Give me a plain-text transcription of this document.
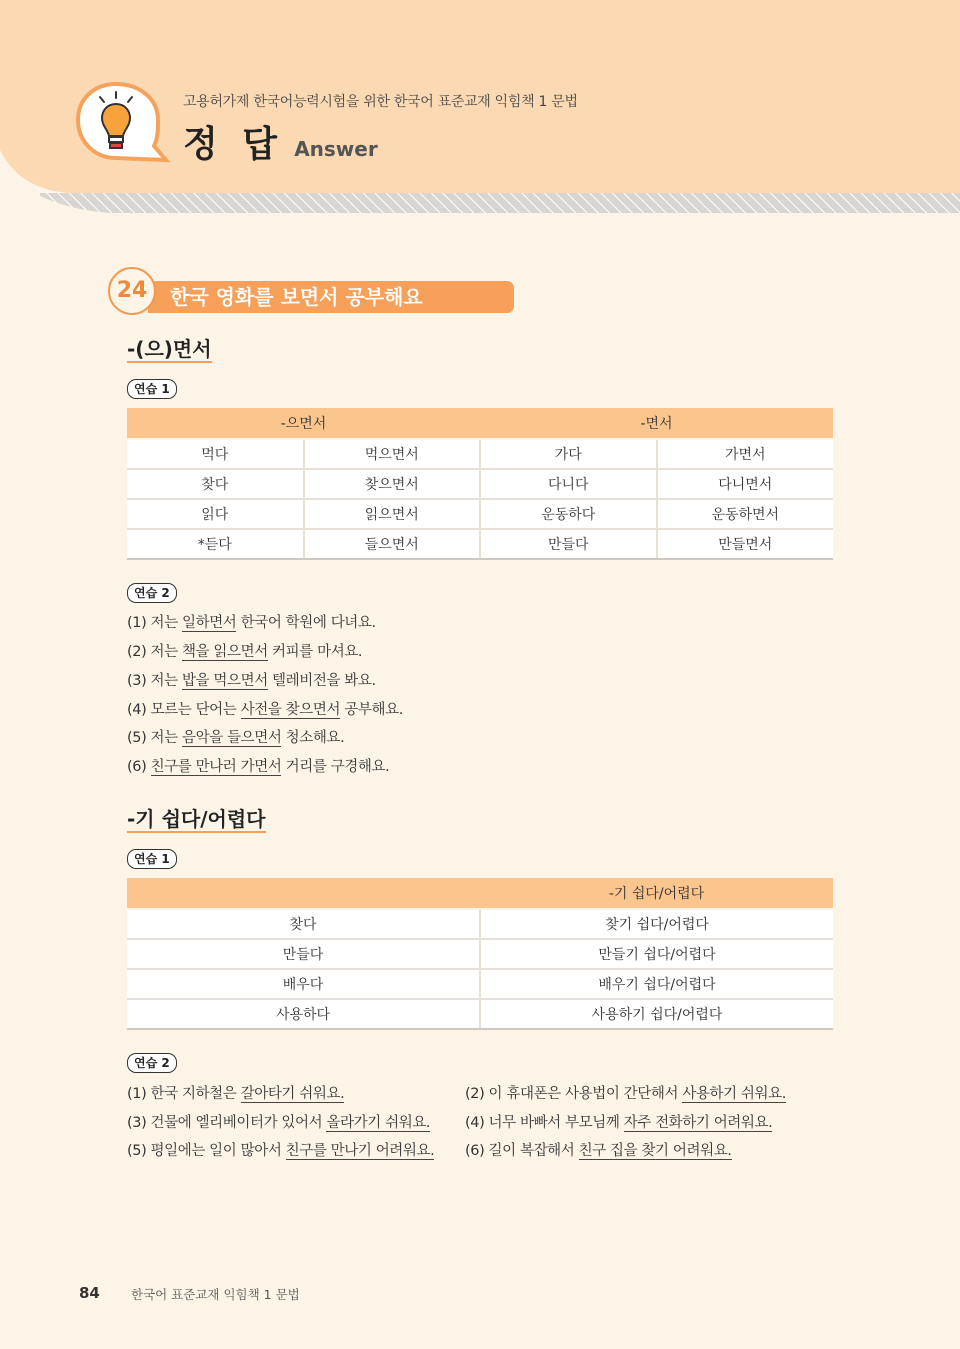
고용허가제 한국어능력시험을 위한 한국어 표준교재 익힘책 1 문법
정 답 Answer
한국 영화를 보면서 공부해요
24
-(으)면서
연습 1
-으면서		-면서	
먹다	먹으면서	가다	가면서
찾다	찾으면서	다니다	다니면서
읽다	읽으면서	운동하다	운동하면서
*듣다	들으면서	만들다	만들면서
연습 2
(1) 저는 일하면서 한국어 학원에 다녀요.
(2) 저는 책을 읽으면서 커피를 마셔요.
(3) 저는 밥을 먹으면서 텔레비전을 봐요.
(4) 모르는 단어는 사전을 찾으면서 공부해요.
(5) 저는 음악을 들으면서 청소해요.
(6) 친구를 만나러 가면서 거리를 구경해요.
-기 쉽다/어렵다
연습 1
	-기 쉽다/어렵다
찾다	찾기 쉽다/어렵다
만들다	만들기 쉽다/어렵다
배우다	배우기 쉽다/어렵다
사용하다	사용하기 쉽다/어렵다
연습 2
(1) 한국 지하철은 갈아타기 쉬워요.	(2) 이 휴대폰은 사용법이 간단해서 사용하기 쉬워요.
(3) 건물에 엘리베이터가 있어서 올라가기 쉬워요. (4) 너무 바빠서 부모님께 자주 전화하기 어려워요.
(5) 평일에는 일이 많아서 친구를 만나기 어려워요. (6) 길이 복잡해서 친구 집을 찾기 어려워요.
84 한국어 표준교재 익힘책 1 문법
